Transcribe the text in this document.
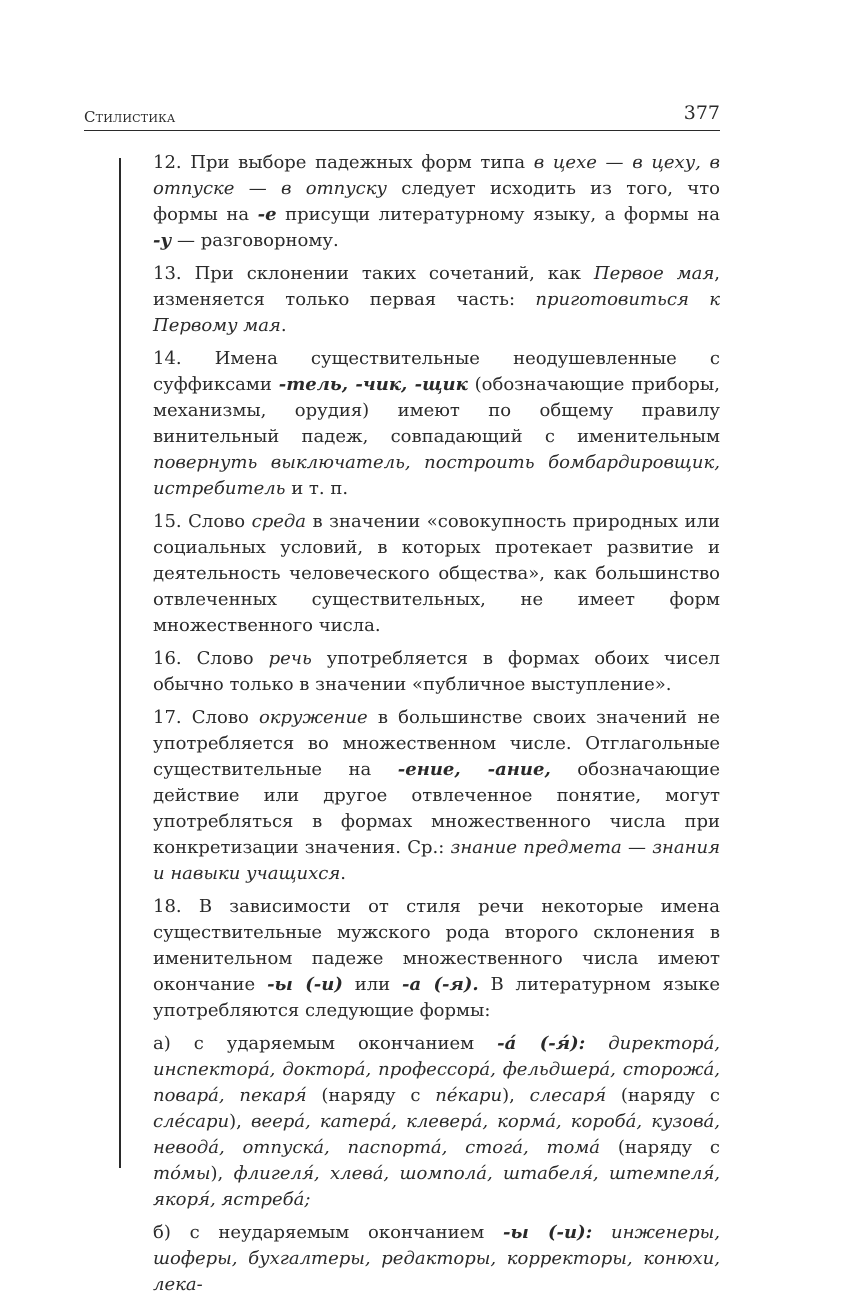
Стилистика	377

12. При выборе падежных форм типа в цехе — в цеху, в отпуске — в отпуску следует исходить из того, что формы на -е присущи литературному языку, а формы на -у — разговорному.

13. При склонении таких сочетаний, как Первое мая, изменяется только первая часть: приготовиться к Первому мая.

14. Имена существительные неодушевленные с суффиксами -тель, -чик, -щик (обозначающие приборы, механизмы, орудия) имеют по общему правилу винительный падеж, совпадающий с именительным повернуть выключатель, построить бомбардировщик, истребитель и т. п.

15. Слово среда в значении «совокупность природных или социальных условий, в которых протекает развитие и деятельность человеческого общества», как большинство отвлеченных существительных, не имеет форм множественного числа.

16. Слово речь употребляется в формах обоих чисел обычно только в значении «публичное выступление».

17. Слово окружение в большинстве своих значений не употребляется во множественном числе. Отглагольные существительные на -ение, -ание, обозначающие действие или другое отвлеченное понятие, могут употребляться в формах множественного числа при конкретизации значения. Ср.: знание предмета — знания и навыки учащихся.

18. В зависимости от стиля речи некоторые имена существительные мужского рода второго склонения в именительном падеже множественного числа имеют окончание -ы (-и) или -а (-я). В литературном языке употребляются следующие формы:

а) с ударяемым окончанием -а́ (-я́): директора́, инспектора́, доктора́, профессора́, фельдшера́, сторожа́, повара́, пекаря́ (наряду с пе́кари), слесаря́ (наряду с сле́сари), веера́, катера́, клевера́, корма́, короба́, кузова́, невода́, отпуска́, паспорта́, стога́, тома́ (наряду с то́мы), флигеля́, хлева́, шомпола́, штабеля́, штемпеля́, якоря́, ястреба́;

б) с неударяемым окончанием -ы (-и): инженеры, шоферы, бухгалтеры, редакторы, корректоры, конюхи, лека-
